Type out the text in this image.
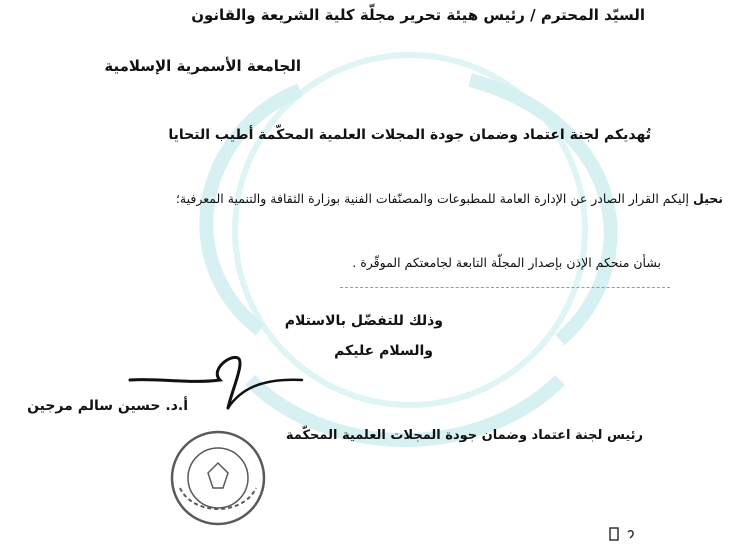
السيّد المحترم / رئيس هيئة تحرير مجلّة كلية الشريعة والقانون
الجامعة الأسمرية الإسلامية
تُهديكم لجنة اعتماد وضمان جودة المجلات العلمية المحكّمة أطيب التحايا
نحيل إليكم القرار الصادر عن الإدارة العامة للمطبوعات والمصنّفات الفنية بوزارة الثقافة والتنمية المعرفية؛
بشأن منحكم الإذن بإصدار المجلّة التابعة لجامعتكم الموقّرة .
وذلك للتفضّل بالاستلام
والسلام عليكم
أ.د. حسين سالم مرجين
رئيس لجنة اعتماد وضمان جودة المجلات العلمية المحكّمة
